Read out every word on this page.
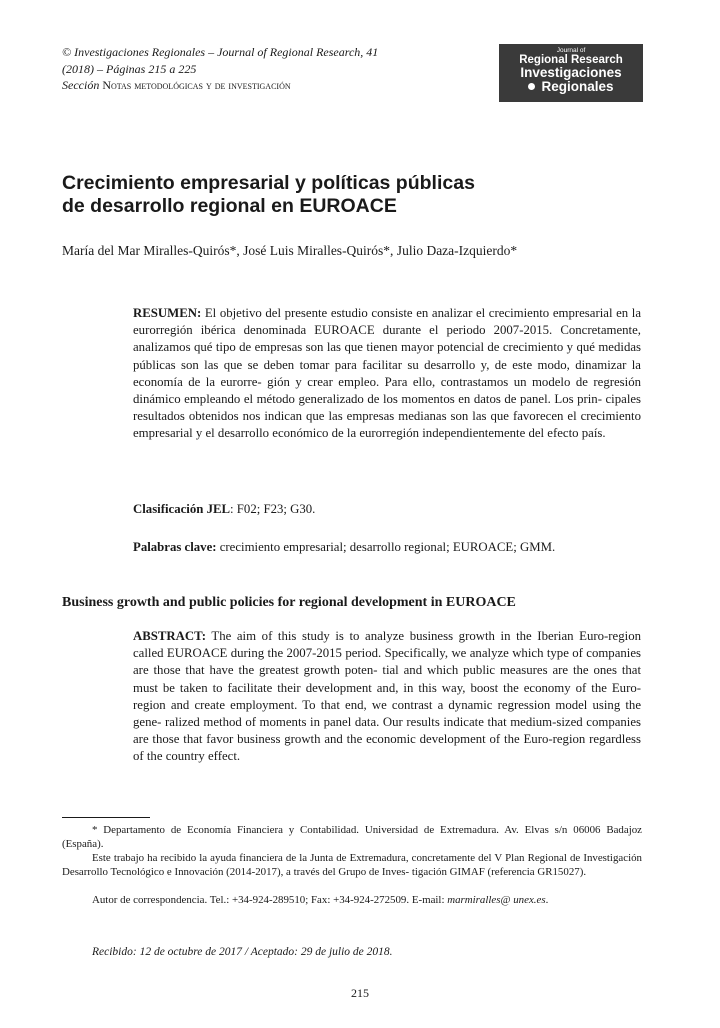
© Investigaciones Regionales – Journal of Regional Research, 41
(2018) – Páginas 215 a 225
Sección Notas metodológicas y de investigación
Journal of
Regional Research
Investigaciones
Regionales
Crecimiento empresarial y políticas públicas
de desarrollo regional en EUROACE
María del Mar Miralles-Quirós*, José Luis Miralles-Quirós*, Julio Daza-Izquierdo*
RESUMEN: El objetivo del presente estudio consiste en analizar el crecimiento empresarial en la eurorregión ibérica denominada EUROACE durante el periodo 2007-2015. Concretamente, analizamos qué tipo de empresas son las que tienen mayor potencial de crecimiento y qué medidas públicas son las que se deben tomar para facilitar su desarrollo y, de este modo, dinamizar la economía de la eurorre- gión y crear empleo. Para ello, contrastamos un modelo de regresión dinámico empleando el método generalizado de los momentos en datos de panel. Los prin- cipales resultados obtenidos nos indican que las empresas medianas son las que favorecen el crecimiento empresarial y el desarrollo económico de la eurorregión independientemente del efecto país.
Clasificación JEL: F02; F23; G30.
Palabras clave: crecimiento empresarial; desarrollo regional; EUROACE; GMM.
Business growth and public policies for regional development in EUROACE
ABSTRACT: The aim of this study is to analyze business growth in the Iberian Euro-region called EUROACE during the 2007-2015 period. Specifically, we analyze which type of companies are those that have the greatest growth poten- tial and which public measures are the ones that must be taken to facilitate their development and, in this way, boost the economy of the Euro-region and create employment. To that end, we contrast a dynamic regression model using the gene- ralized method of moments in panel data. Our results indicate that medium-sized companies are those that favor business growth and the economic development of the Euro-region regardless of the country effect.
* Departamento de Economía Financiera y Contabilidad. Universidad de Extremadura. Av. Elvas s/n 06006 Badajoz (España).
Este trabajo ha recibido la ayuda financiera de la Junta de Extremadura, concretamente del V Plan Regional de Investigación Desarrollo Tecnológico e Innovación (2014-2017), a través del Grupo de Inves- tigación GIMAF (referencia GR15027).
Autor de correspondencia. Tel.: +34-924-289510; Fax: +34-924-272509. E-mail: marmiralles@ unex.es.
Recibido: 12 de octubre de 2017 / Aceptado: 29 de julio de 2018.
215
